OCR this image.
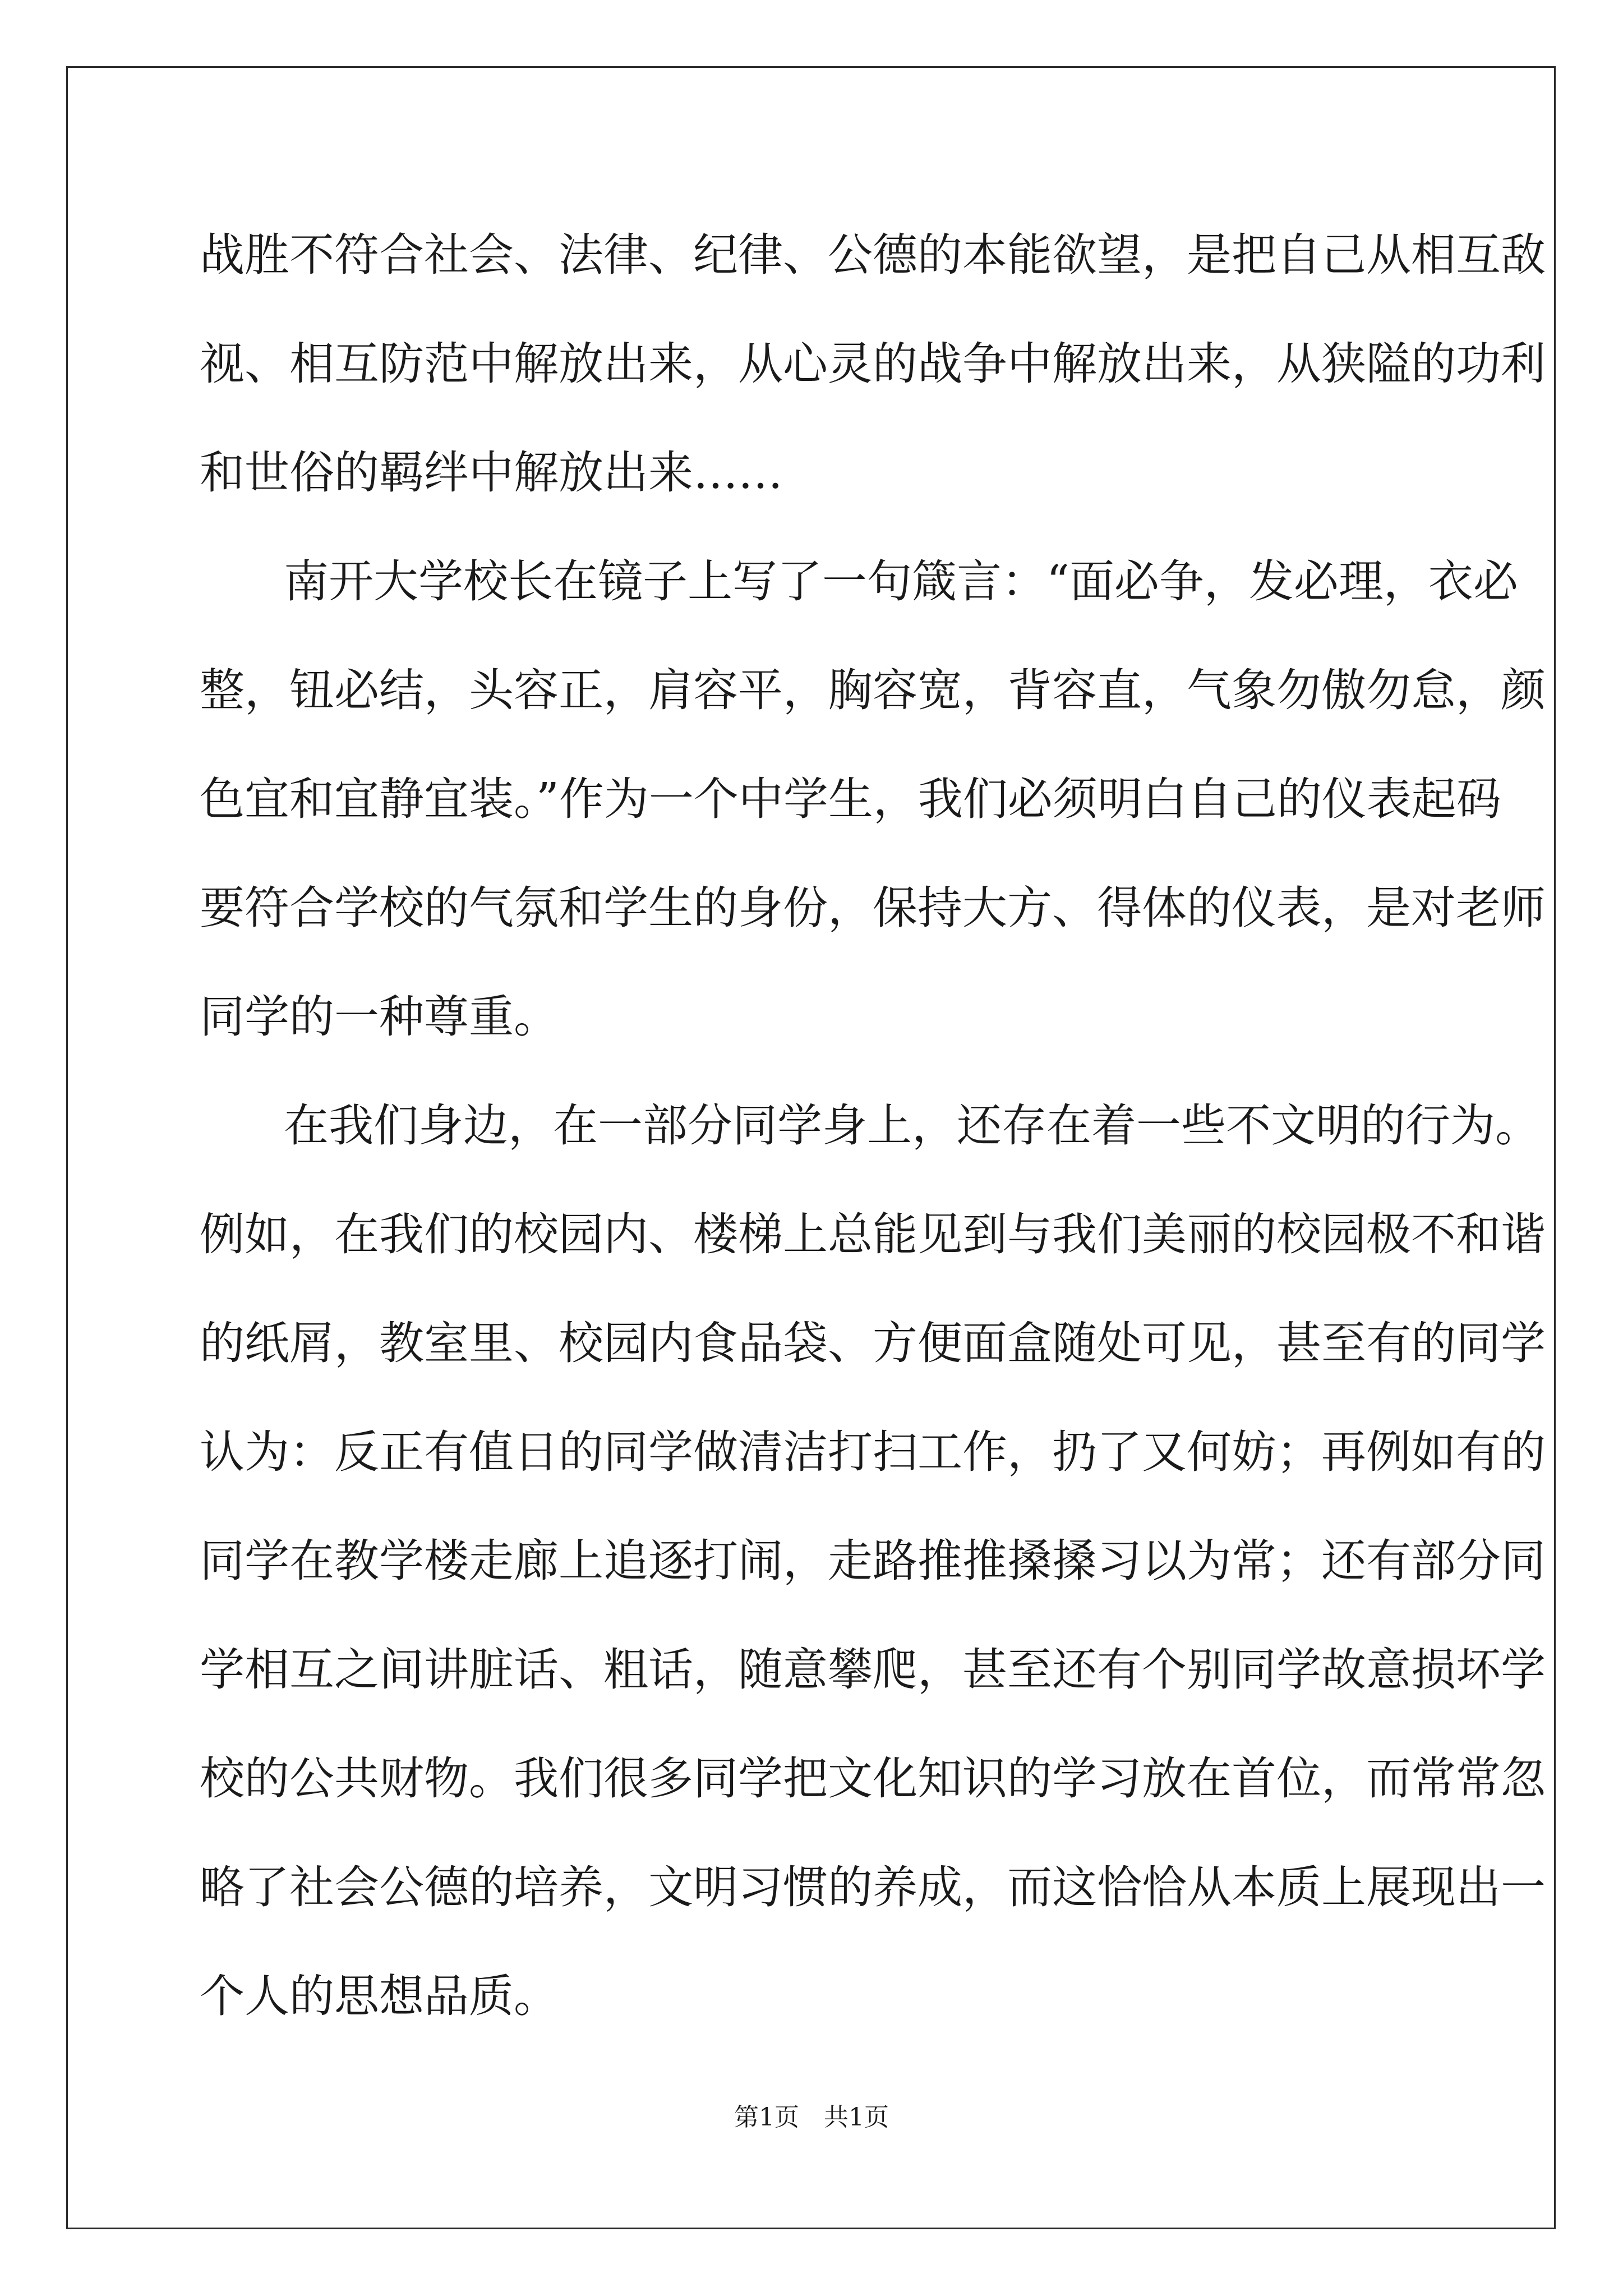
战胜不符合社会、法律、纪律、公德的本能欲望，是把自己从相互敌
视、相互防范中解放出来，从心灵的战争中解放出来，从狭隘的功利
和世俗的羁绊中解放出来……
南开大学校长在镜子上写了一句箴言：“面必争，发必理，衣必
整，钮必结，头容正，肩容平，胸容宽，背容直，气象勿傲勿怠，颜
色宜和宜静宜装。”作为一个中学生，我们必须明白自己的仪表起码
要符合学校的气氛和学生的身份，保持大方、得体的仪表，是对老师
同学的一种尊重。
在我们身边，在一部分同学身上，还存在着一些不文明的行为。
例如，在我们的校园内、楼梯上总能见到与我们美丽的校园极不和谐
的纸屑，教室里、校园内食品袋、方便面盒随处可见，甚至有的同学
认为：反正有值日的同学做清洁打扫工作，扔了又何妨；再例如有的
同学在教学楼走廊上追逐打闹，走路推推搡搡习以为常；还有部分同
学相互之间讲脏话、粗话，随意攀爬，甚至还有个别同学故意损坏学
校的公共财物。我们很多同学把文化知识的学习放在首位，而常常忽
略了社会公德的培养，文明习惯的养成，而这恰恰从本质上展现出一
个人的思想品质。
第1页　共1页
